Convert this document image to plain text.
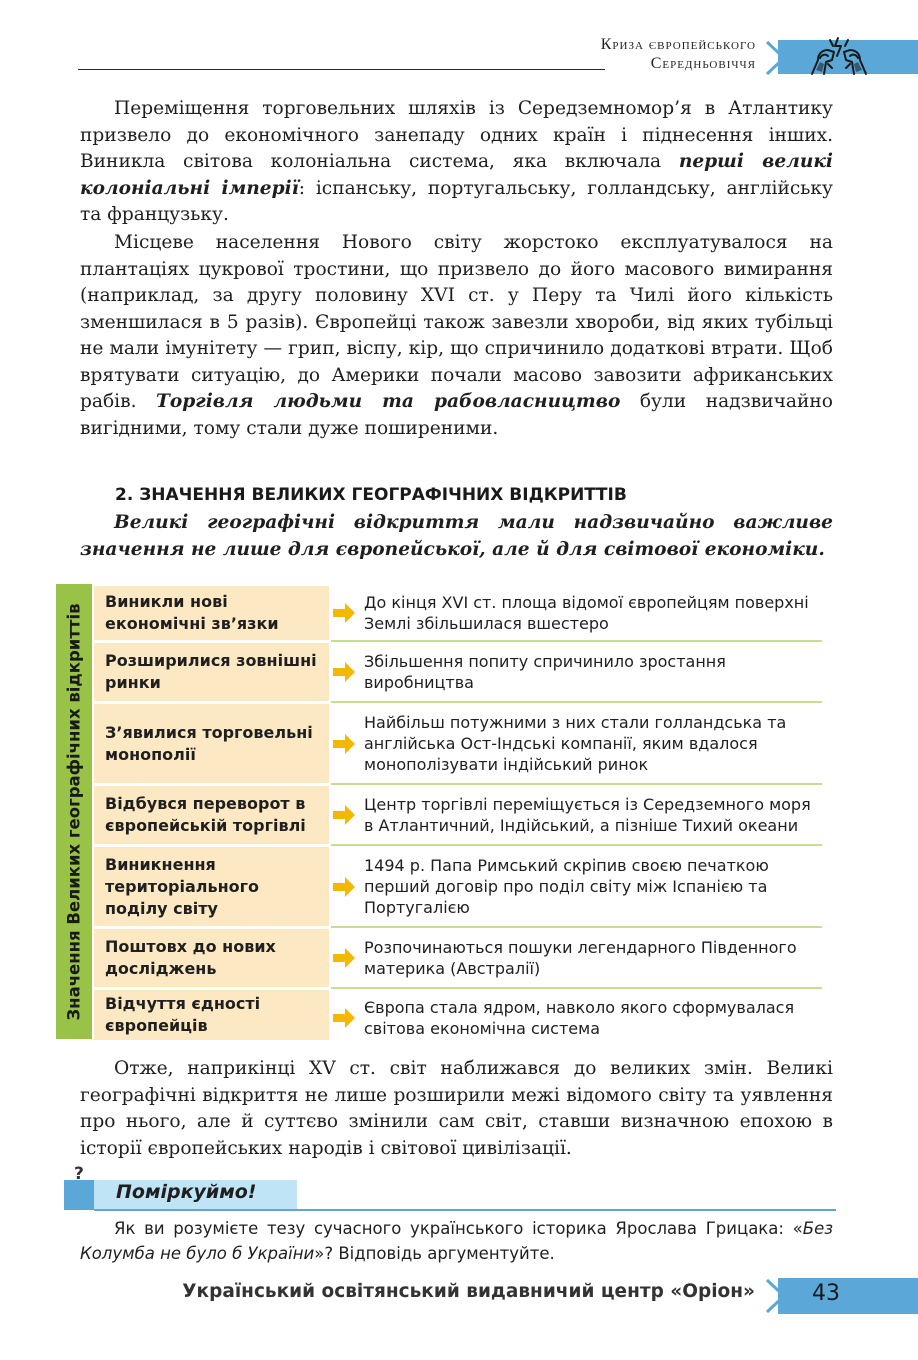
Криза європейського
Середньовіччя
Переміщення торговельних шляхів із Середземномор’я в Атлантику призвело до економічного занепаду одних країн і піднесення інших. Виникла світова колоніальна система, яка включала перші великі колоніальні імперії: іспанську, португальську, голландську, англійську та французьку.
Місцеве населення Нового світу жорстоко експлуатувалося на плантаціях цукрової тростини, що призвело до його масового вимирання (наприклад, за другу половину XVI ст. у Перу та Чилі його кількість зменшилася в 5 разів). Європейці також завезли хвороби, від яких тубільці не мали імунітету — грип, віспу, кір, що спричинило додаткові втрати. Щоб врятувати ситуацію, до Америки почали масово завозити африканських рабів. Торгівля людьми та рабовласництво були надзвичайно вигідними, тому стали дуже поширеними.
2. ЗНАЧЕННЯ ВЕЛИКИХ ГЕОГРАФІЧНИХ ВІДКРИТТІВ
Великі географічні відкриття мали надзвичайно важливе значення не лише для європейської, але й для світової економіки.
Значення Великих географічних відкриттів
Виникли нові економічні зв’язки
Розширилися зовнішні ринки
З’явилися торговельні монополії
Відбувся переворот в європейській торгівлі
Виникнення територіального поділу світу
Поштовх до нових досліджень
Відчуття єдності європейців
До кінця XVI ст. площа відомої європейцям поверхні Землі збільшилася вшестеро
Збільшення попиту спричинило зростання виробництва
Найбільш потужними з них стали голландська та англійська Ост-Індські компанії, яким вдалося монополізувати індійський ринок
Центр торгівлі переміщується із Середземного моря в Атлантичний, Індійський, а пізніше Тихий океани
1494 р. Папа Римський скріпив своєю печаткою перший договір про поділ світу між Іспанією та Португалією
Розпочинаються пошуки легендарного Південного материка (Австралії)
Європа стала ядром, навколо якого сформувалася світова економічна система
Отже, наприкінці XV ст. світ наближався до великих змін. Великі географічні відкриття не лише розширили межі відомого світу та уявлення про нього, але й суттєво змінили сам світ, ставши визначною епохою в історії європейських народів і світової цивілізації.
?
Поміркуймо!
Як ви розумієте тезу сучасного українського історика Ярослава Грицака: «Без Колумба не було б України»? Відповідь аргументуйте.
Український освітянський видавничий центр «Оріон»	43
